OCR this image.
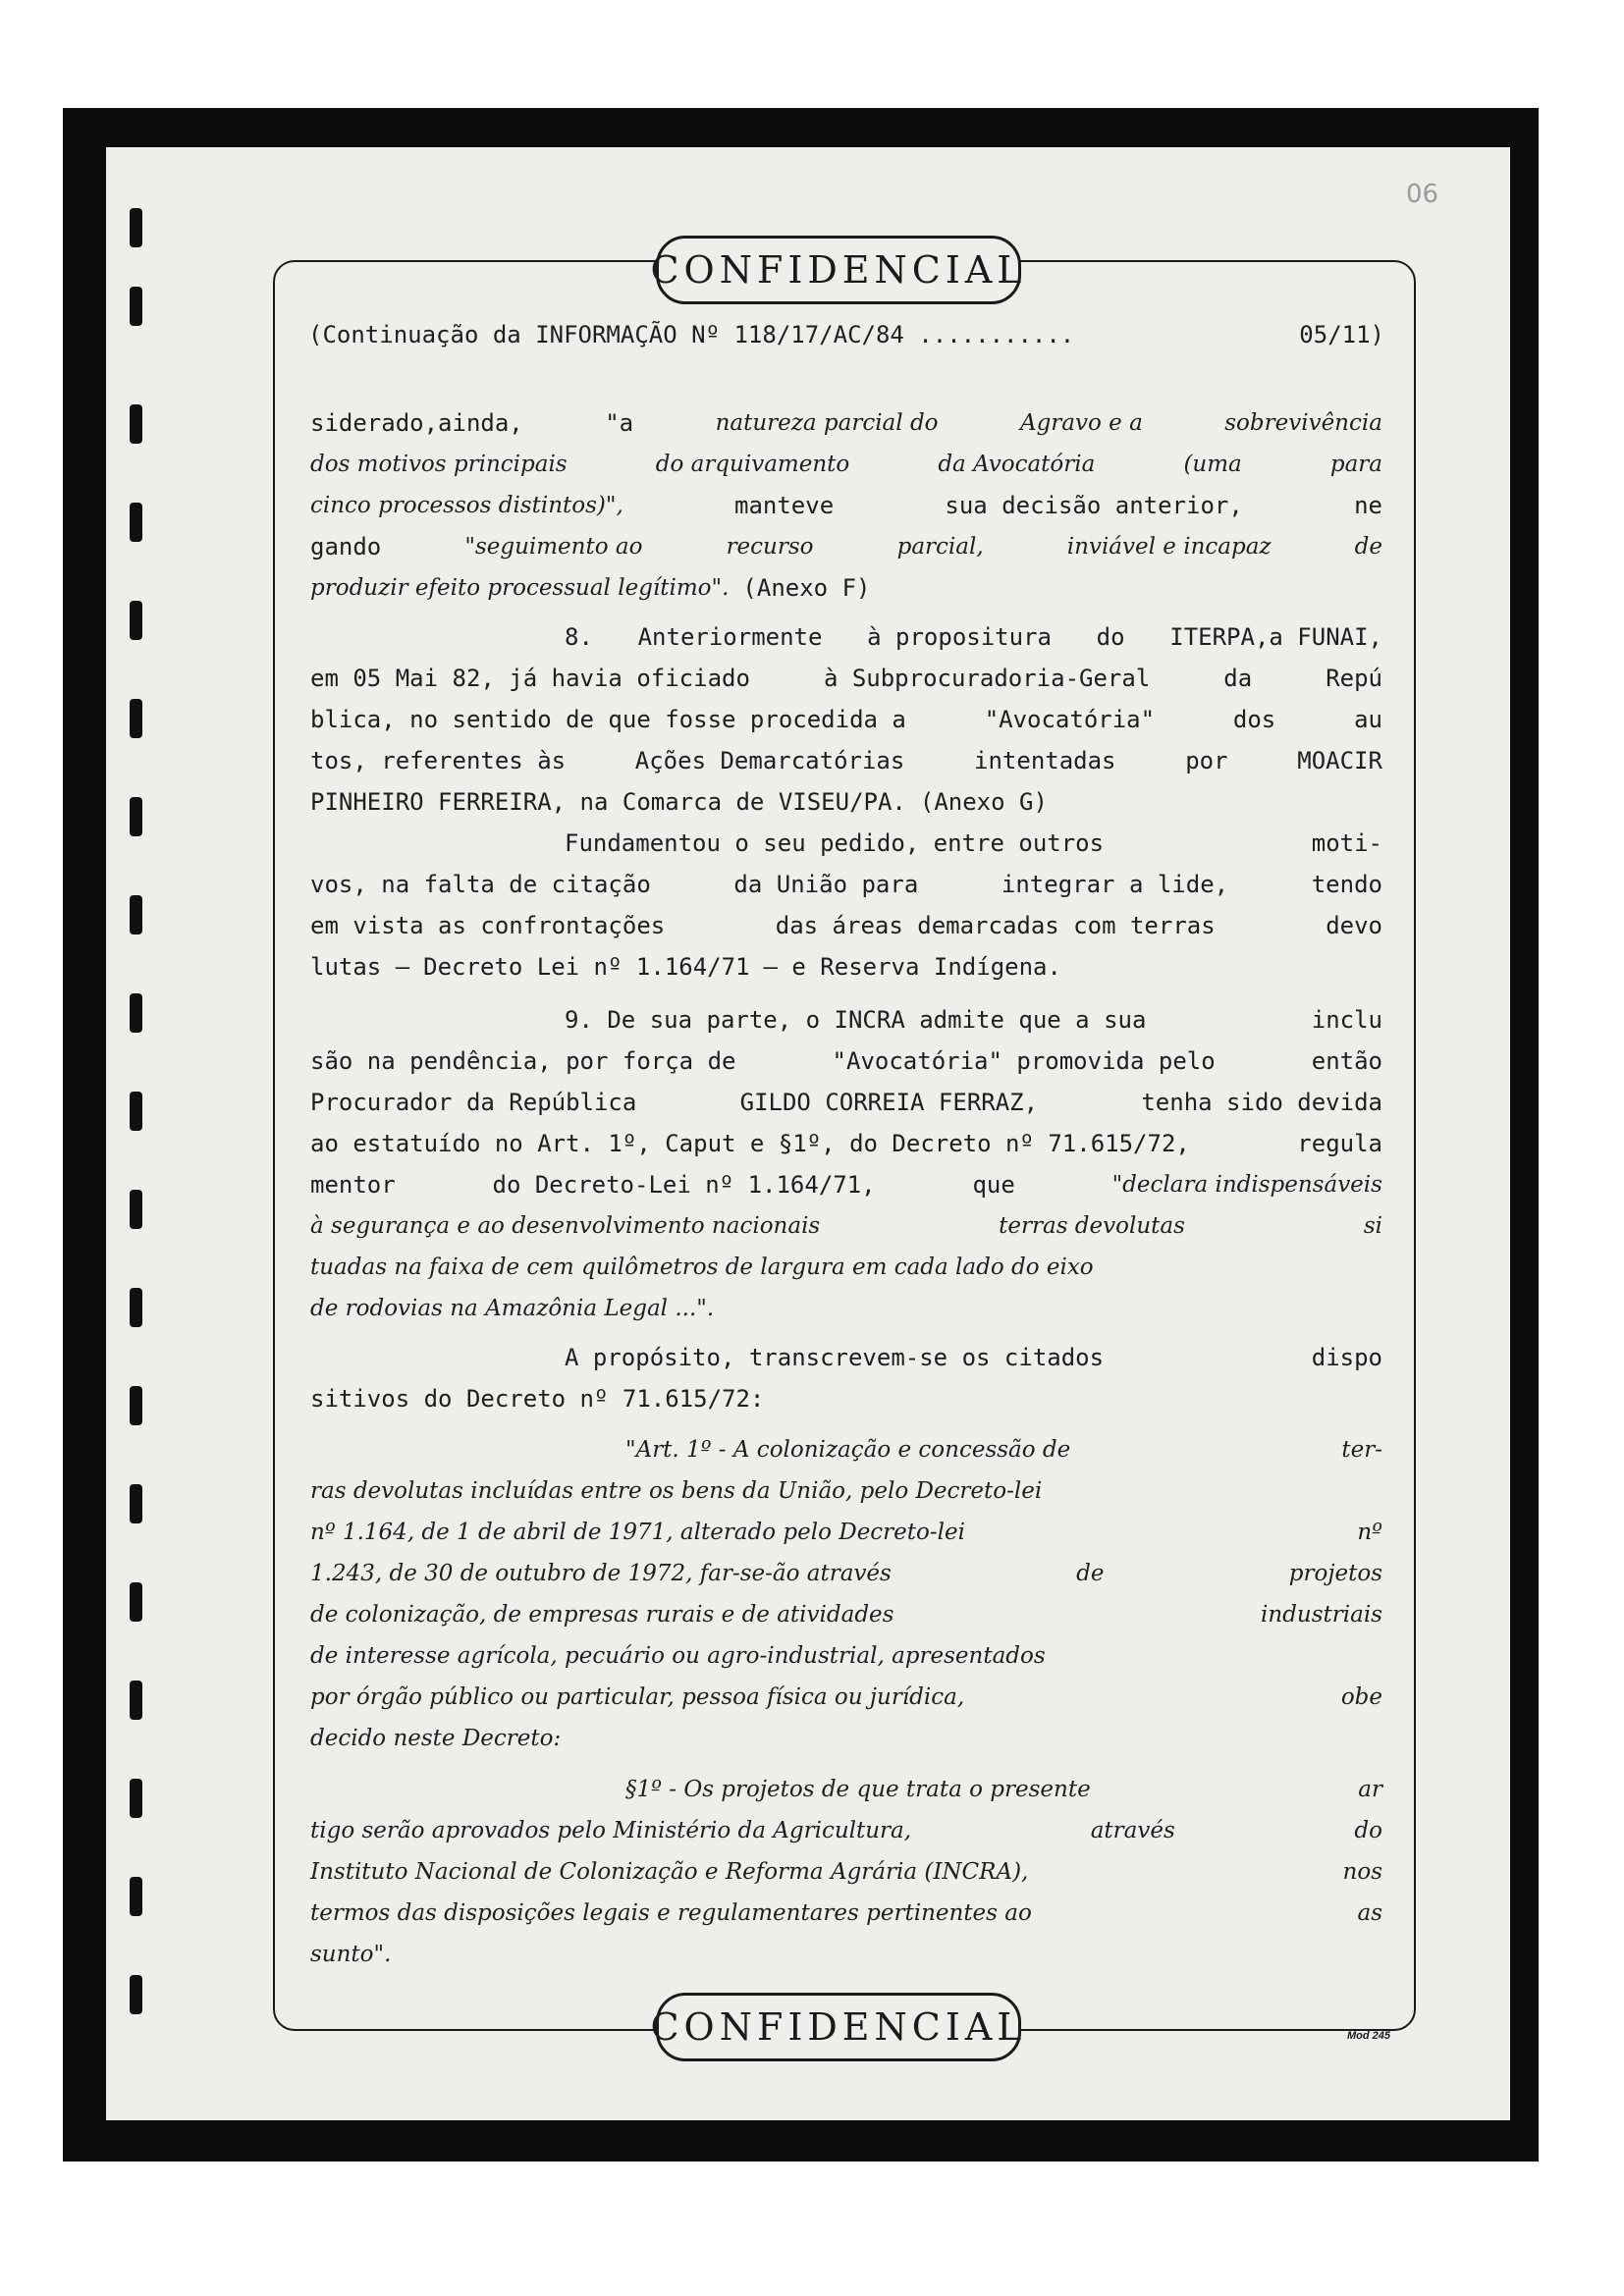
CONFIDENCIAL
CONFIDENCIAL
06
Mod 245
(Continuação da INFORMAÇÃO Nº 118/17/AC/84 ...........	05/11)
siderado,ainda,	"a	natureza parcial do	Agravo e a	sobrevivência
dos motivos principais	do arquivamento	da Avocatória	(uma	para
cinco processos distintos)",	manteve	sua decisão anterior,	ne
gando	"seguimento ao	recurso	parcial,	inviável e incapaz	de
produzir efeito processual legítimo". (Anexo F)
8. Anteriormente à propositura do ITERPA,a FUNAI,
em 05 Mai 82, já havia oficiado	à Subprocuradoria-Geral	da	Repú
blica, no sentido de que fosse procedida a	"Avocatória"	dos	au
tos, referentes às	Ações Demarcatórias	intentadas	por	MOACIR
PINHEIRO FERREIRA, na Comarca de VISEU/PA. (Anexo G)
Fundamentou o seu pedido, entre outros	moti-
vos, na falta de citação	da União para	integrar a lide,	tendo
em vista as confrontações	das áreas demarcadas com terras	devo
lutas — Decreto Lei nº 1.164/71 — e Reserva Indígena.
9. De sua parte, o INCRA admite que a sua	inclu
são na pendência, por força de	"Avocatória" promovida pelo	então
Procurador da República	GILDO CORREIA FERRAZ,	tenha sido devida
ao estatuído no Art. 1º, Caput e §1º, do Decreto nº 71.615/72,	regula
mentor	do Decreto-Lei nº 1.164/71,	que	"declara indispensáveis
à segurança e ao desenvolvimento nacionais	terras devolutas	si
tuadas na faixa de cem quilômetros de largura em cada lado do eixo
de rodovias na Amazônia Legal ...".
A propósito, transcrevem-se os citados	dispo
sitivos do Decreto nº 71.615/72:
"Art. 1º - A colonização e concessão de	ter-
ras devolutas incluídas entre os bens da União, pelo Decreto-lei
nº 1.164, de 1 de abril de 1971, alterado pelo Decreto-lei	nº
1.243, de 30 de outubro de 1972, far-se-ão através	de	projetos
de colonização, de empresas rurais e de atividades	industriais
de interesse agrícola, pecuário ou agro-industrial, apresentados
por órgão público ou particular, pessoa física ou jurídica,	obe
decido neste Decreto:
§1º - Os projetos de que trata o presente	ar
tigo serão aprovados pelo Ministério da Agricultura,	através	do
Instituto Nacional de Colonização e Reforma Agrária (INCRA),	nos
termos das disposições legais e regulamentares pertinentes ao	as
sunto".
